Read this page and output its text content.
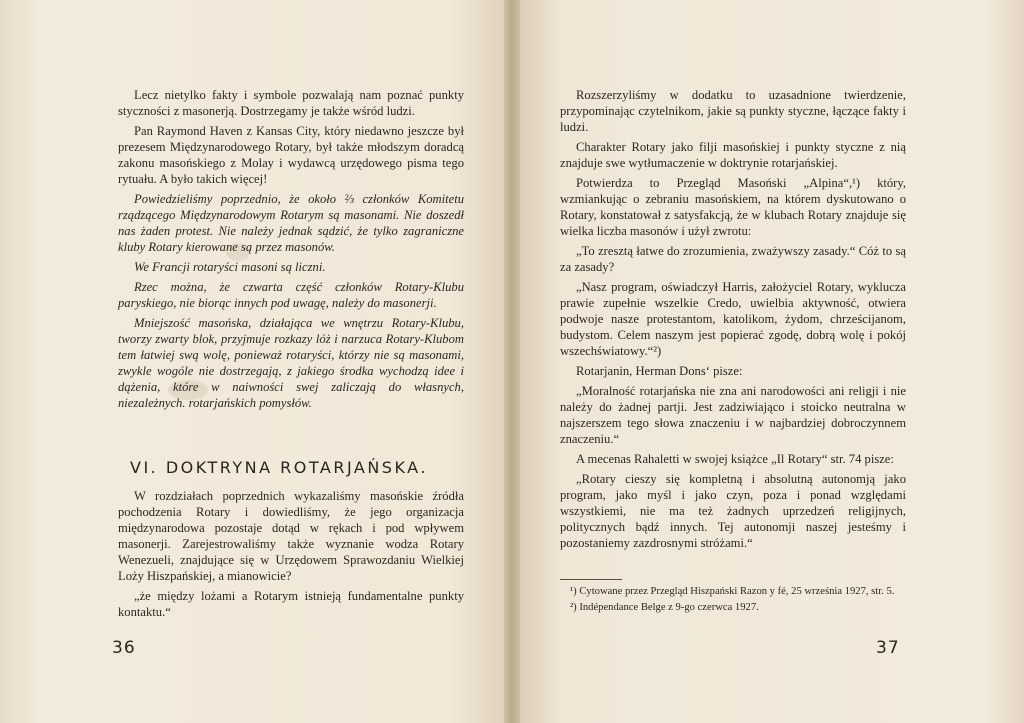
Lecz nietylko fakty i symbole pozwalają nam poznać punkty styczności z masonerją. Dostrzegamy je także wśród ludzi.

Pan Raymond Haven z Kansas City, który niedawno jeszcze był prezesem Międzynarodowego Rotary, był także młodszym doradcą zakonu masońskiego z Molay i wydawcą urzędowego pisma tego rytuału. A było takich więcej!

Powiedzieliśmy poprzednio, że około ⅔ członków Komitetu rządzącego Międzynarodowym Rotarym są masonami. Nie doszedł nas żaden protest. Nie należy jednak sądzić, że tylko zagraniczne kluby Rotary kierowane są przez masonów.

We Francji rotaryści masoni są liczni.

Rzec można, że czwarta część członków Rotary-Klubu paryskiego, nie biorąc innych pod uwagę, należy do masonerji.

Mniejszość masońska, działająca we wnętrzu Rotary-Klubu, tworzy zwarty blok, przyjmuje rozkazy lóż i narzuca Rotary-Klubom tem łatwiej swą wolę, ponieważ rotaryści, którzy nie są masonami, zwykle wogóle nie dostrzegają, z jakiego środka wychodzą idee i dążenia, które w naiwności swej zaliczają do własnych, niezależnych. rotarjańskich pomysłów.

VI. DOKTRYNA ROTARJAŃSKA.

W rozdziałach poprzednich wykazaliśmy masońskie źródła pochodzenia Rotary i dowiedliśmy, że jego organizacja międzynarodowa pozostaje dotąd w rękach i pod wpływem masonerji. Zarejestrowaliśmy także wyznanie wodza Rotary Wenezueli, znajdujące się w Urzędowem Sprawozdaniu Wielkiej Loży Hiszpańskiej, a mianowicie?

„że między lożami a Rotarym istnieją fundamentalne punkty kontaktu.“

36

Rozszerzyliśmy w dodatku to uzasadnione twierdzenie, przypominając czytelnikom, jakie są punkty styczne, łączące fakty i ludzi.

Charakter Rotary jako filji masońskiej i punkty styczne z nią znajduje swe wytłumaczenie w doktrynie rotarjańskiej.

Potwierdza to Przegląd Masoński „Alpina“,¹) który, wzmiankując o zebraniu masońskiem, na którem dyskutowano o Rotary, konstatował z satysfakcją, że w klubach Rotary znajduje się wielka liczba masonów i użył zwrotu:

„To zresztą łatwe do zrozumienia, zważywszy zasady.“ Cóż to są za zasady?

„Nasz program, oświadczył Harris, założyciel Rotary, wyklucza prawie zupełnie wszelkie Credo, uwielbia aktywność, otwiera podwoje nasze protestantom, katolikom, żydom, chrześcijanom, budystom. Celem naszym jest popierać zgodę, dobrą wolę i pokój wszechświatowy.“²)

Rotarjanin, Herman Dons‘ pisze:

„Moralność rotarjańska nie zna ani narodowości ani religji i nie należy do żadnej partji. Jest zadziwiająco i stoicko neutralna w najszerszem tego słowa znaczeniu i w najbardziej dobroczynnem znaczeniu.“

A mecenas Rahaletti w swojej książce „Il Rotary“ str. 74 pisze:

„Rotary cieszy się kompletną i absolutną autonomją jako program, jako myśl i jako czyn, poza i ponad względami wszystkiemi, nie ma też żadnych uprzedzeń religijnych, politycznych bądź innych. Tej autonomji naszej jesteśmy i pozostaniemy zazdrosnymi stróżami.“

¹) Cytowane przez Przegląd Hiszpański Razon y fé, 25 września 1927, str. 5.

²) Indépendance Belge z 9-go czerwca 1927.

37
